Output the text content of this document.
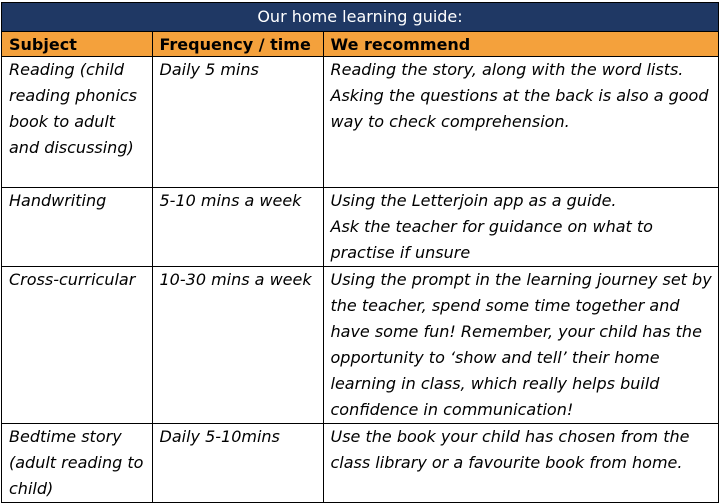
Our home learning guide:
Subject	Frequency / time	We recommend
Reading (child reading phonics book to adult and discussing)	Daily 5 mins	Reading the story, along with the word lists. Asking the questions at the back is also a good way to check comprehension.
Handwriting	5-10 mins a week	Using the Letterjoin app as a guide.
Ask the teacher for guidance on what to practise if unsure

Cross-curricular	10-30 mins a week	Using the prompt in the learning journey set by the teacher, spend some time together and have some fun! Remember, your child has the opportunity to ‘show and tell’ their home learning in class, which really helps build confidence in communication!
Bedtime story (adult reading to child)	Daily 5-10mins	Use the book your child has chosen from the class library or a favourite book from home.
